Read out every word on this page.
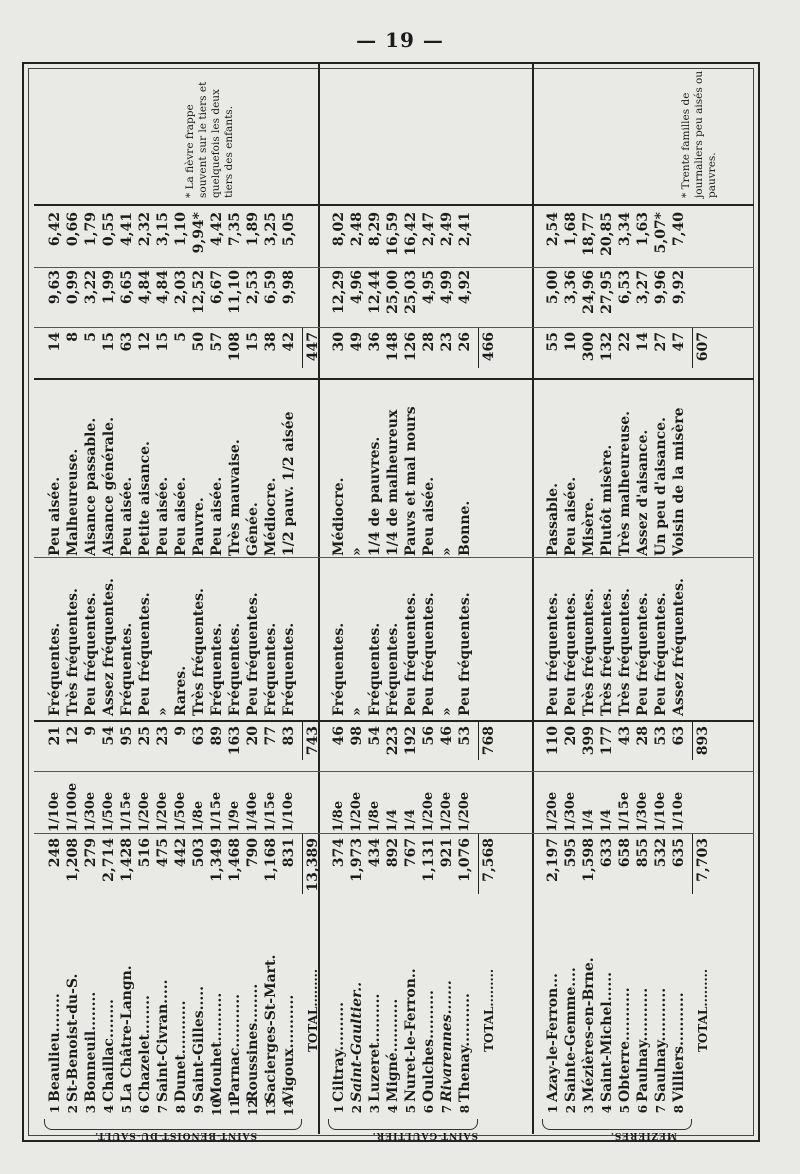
— 19 —
SAINT-BENOIST-DU-SAULT.
1
Beaulieu........
248
1/10e
21
Fréquentes.
Peu aisée.
14
9,63
6,42
2
St-Benoist-du-S.
1,208
1/100e
12
Très fréquentes.
Malheureuse.
8
0,99
0,66
3
Bonneuil........
279
1/30e
9
Peu fréquentes.
Aisance passable.
5
3,22
1,79
4
Chaillac........
2,714
1/50e
54
Assez fréquentes.
Aisance générale.
15
1,99
0,55
5
La Châtre-Langn.
1,428
1/15e
95
Fréquentes.
Peu aisée.
63
6,65
4,41
6
Chazelet........
516
1/20e
25
Peu fréquentes.
Petite aisance.
12
4,84
2,32
7
Saint-Civran.....
475
1/20e
23
»
Peu aisée.
15
4,84
3,15
8
Dunet...........
442
1/50e
9
Rares.
Peu aisée.
5
2,03
1,10
9
Saint-Gilles.....
503
1/8e
63
Très fréquentes.
Pauvre.
50
12,52
9,94*
10
Mouhet..........
1,349
1/15e
89
Fréquentes.
Peu aisée.
57
6,67
4,42
11
Parnac...........
1,468
1/9e
163
Fréquentes.
Très mauvaise.
108
11,10
7,35
12
Roussines........
790
1/40e
20
Peu fréquentes.
Gênée.
15
2,53
1,89
13
Sacierges-St-Mart.
1,168
1/15e
77
Fréquentes.
Médiocre.
38
6,59
3,25
14
Vigoux...........
831
1/10e
83
Fréquentes.
1/2 pauv. 1/2 aisée
42
9,98
5,05
TOTAL.........
13,389
743
447
* La fièvre frappe souvent sur le tiers et quelquefois les deux tiers des enfants.
SAINT-GAULTIER.
1
Ciltray..........
374
1/8e
46
Fréquentes.
Médiocre.
30
12,29
8,02
2
Saint-Gaultier..
1,973
1/20e
98
»
»
49
4,96
2,48
3
Luzeret..........
434
1/8e
54
Fréquentes.
1/4 de pauvres.
36
12,44
8,29
4
Migné...........
892
1/4
223
Fréquentes.
1/4 de malheureux
148
25,00
16,59
5
Nuret-le-Ferron..
767
1/4
192
Peu fréquentes.
Pauvs et mal nours
126
25,03
16,42
6
Oulches..........
1,131
1/20e
56
Peu fréquentes.
Peu aisée.
28
4,95
2,47
7
Rivarennes.......
921
1/20e
46
»
»
23
4,99
2,49
8
Thenay...........
1,076
1/20e
53
Peu fréquentes.
Bonne.
26
4,92
2,41
TOTAL.........
7,568
768
466
MÉZIÈRES.
1
Azay-le-Ferron...
2,197
1/20e
110
Peu fréquentes.
Passable.
55
5,00
2,54
2
Sainte-Gemme....
595
1/30e
20
Peu fréquentes.
Peu aisée.
10
3,36
1,68
3
Mézières-en-Brne.
1,598
1/4
399
Très fréquentes.
Misère.
300
24,96
18,77
4
Saint-Michel......
633
1/4
177
Très fréquentes.
Plutôt misère.
132
27,95
20,85
5
Obterre...........
658
1/15e
43
Très fréquentes.
Très malheureuse.
22
6,53
3,34
6
Paulnay...........
855
1/30e
28
Peu fréquentes.
Assez d'aisance.
14
3,27
1,63
7
Saulnay...........
532
1/10e
53
Peu fréquentes.
Un peu d'aisance.
27
9,96
5,07*
8
Villiers...........
635
1/10e
63
Assez fréquentes.
Voisin de la misère
47
9,92
7,40
TOTAL.........
7,703
893
607
* Trente familles de journaliers peu aisés ou pauvres.
